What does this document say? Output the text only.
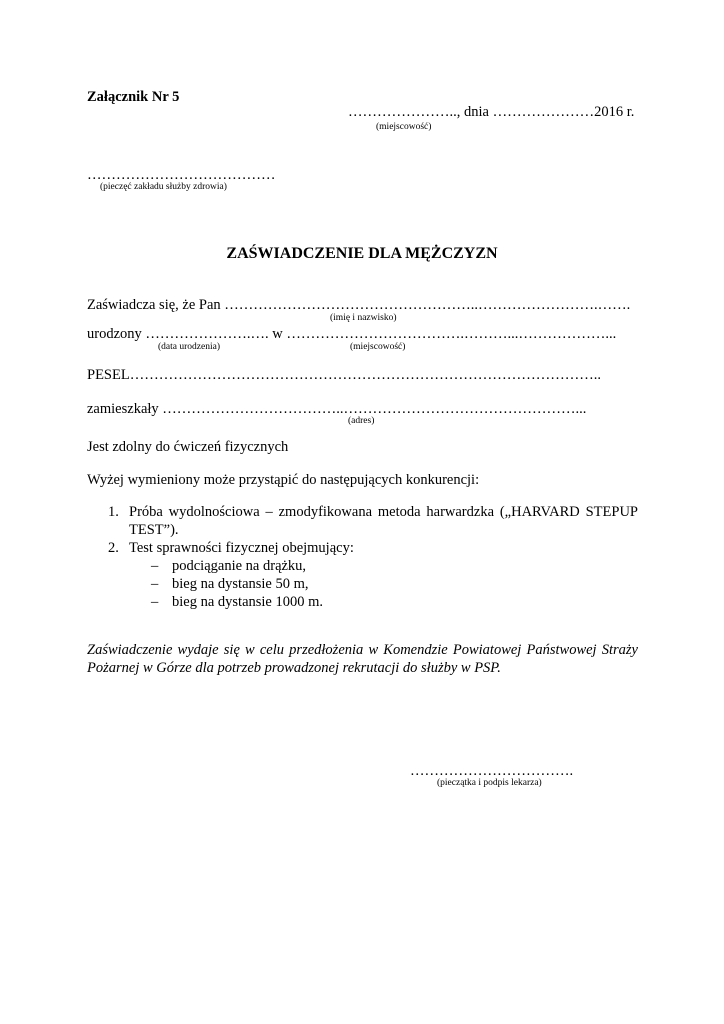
Załącznik Nr 5
………………….., dnia …………………2016 r.
(miejscowość)
…………………………………
(pieczęć zakładu służby zdrowia)
ZAŚWIADCZENIE DLA MĘŻCZYZN
Zaświadcza się, że Pan ……………………………………………..…………………….…….
(imię i nazwisko)
urodzony ………………….…. w ……………………………….………...………………...
(data urodzenia)	(miejscowość)
PESEL……………………………………………………………………………………..
zamieszkały ………………………………..…………………………………………...
(adres)
Jest zdolny do ćwiczeń fizycznych
Wyżej wymieniony może przystąpić do następujących konkurencji:
1. Próba wydolnościowa – zmodyfikowana metoda harwardzka („HARVARD STEPUP
TEST”).
2. Test sprawności fizycznej obejmujący:
– podciąganie na drążku,
– bieg na dystansie 50 m,
– bieg na dystansie 1000 m.
Zaświadczenie wydaje się w celu przedłożenia w Komendzie Powiatowej Państwowej Straży Pożarnej w Górze dla potrzeb prowadzonej rekrutacji do służby w PSP.
…………………………….
(pieczątka i podpis lekarza)
